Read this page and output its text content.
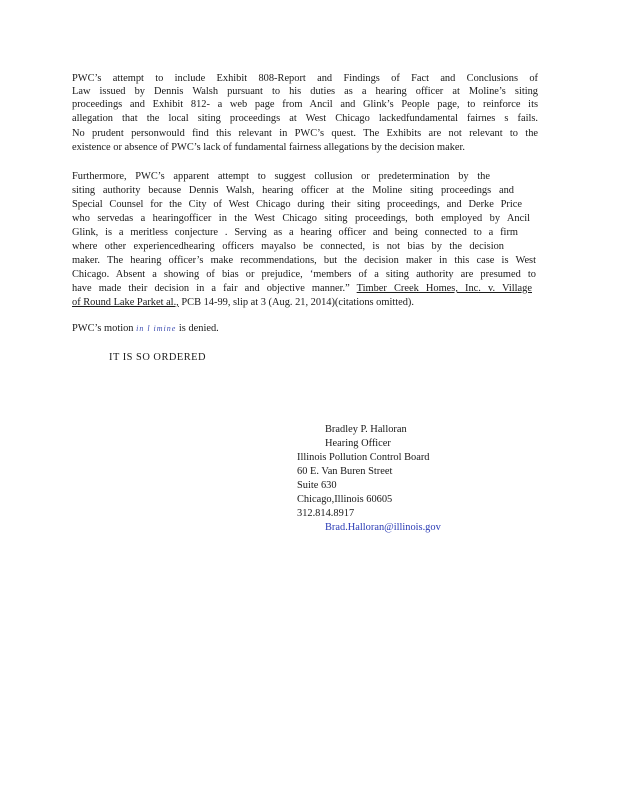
PWC’s attempt to include Exhibit 808-Report and Findings of Fact and Conclusions of
Law issued by Dennis Walsh pursuant to his duties as a hearing officer at Moline’s siting
proceedings and Exhibit 812- a web page from Ancil and Glink’s People page, to reinforce its
allegation that the local siting proceedings at West Chicago lackedfundamental fairnes s fails.
No prudent personwould find this relevant in PWC’s quest. The Exhibits are not relevant to the
existence or absence of PWC’s lack of fundamental fairness allegations by the decision maker.
Furthermore, PWC’s apparent attempt to suggest collusion or predetermination by the
siting authority because Dennis Walsh, hearing officer at the Moline siting proceedings and
Special Counsel for the City of West Chicago during their siting proceedings, and Derke Price
who servedas a hearingofficer in the West Chicago siting proceedings, both employed by Ancil
Glink, is a meritless conjecture . Serving as a hearing officer and being connected to a firm
where other experiencedhearing officers mayalso be connected, is not bias by the decision
maker. The hearing officer’s make recommendations, but the decision maker in this case is West
Chicago. Absent a showing of bias or prejudice, ‘members of a siting authority are presumed to
have made their decision in a fair and objective manner.” Timber Creek Homes, Inc. v. Village
of Round Lake Parket al., PCB 14-99, slip at 3 (Aug. 21, 2014)(citations omitted).
PWC’s motion in l imine is denied.
IT IS SO ORDERED
Bradley P. Halloran
Hearing Officer
Illinois Pollution Control Board
60 E. Van Buren Street
Suite 630
Chicago,Illinois 60605
312.814.8917
Brad.Halloran@illinois.gov
